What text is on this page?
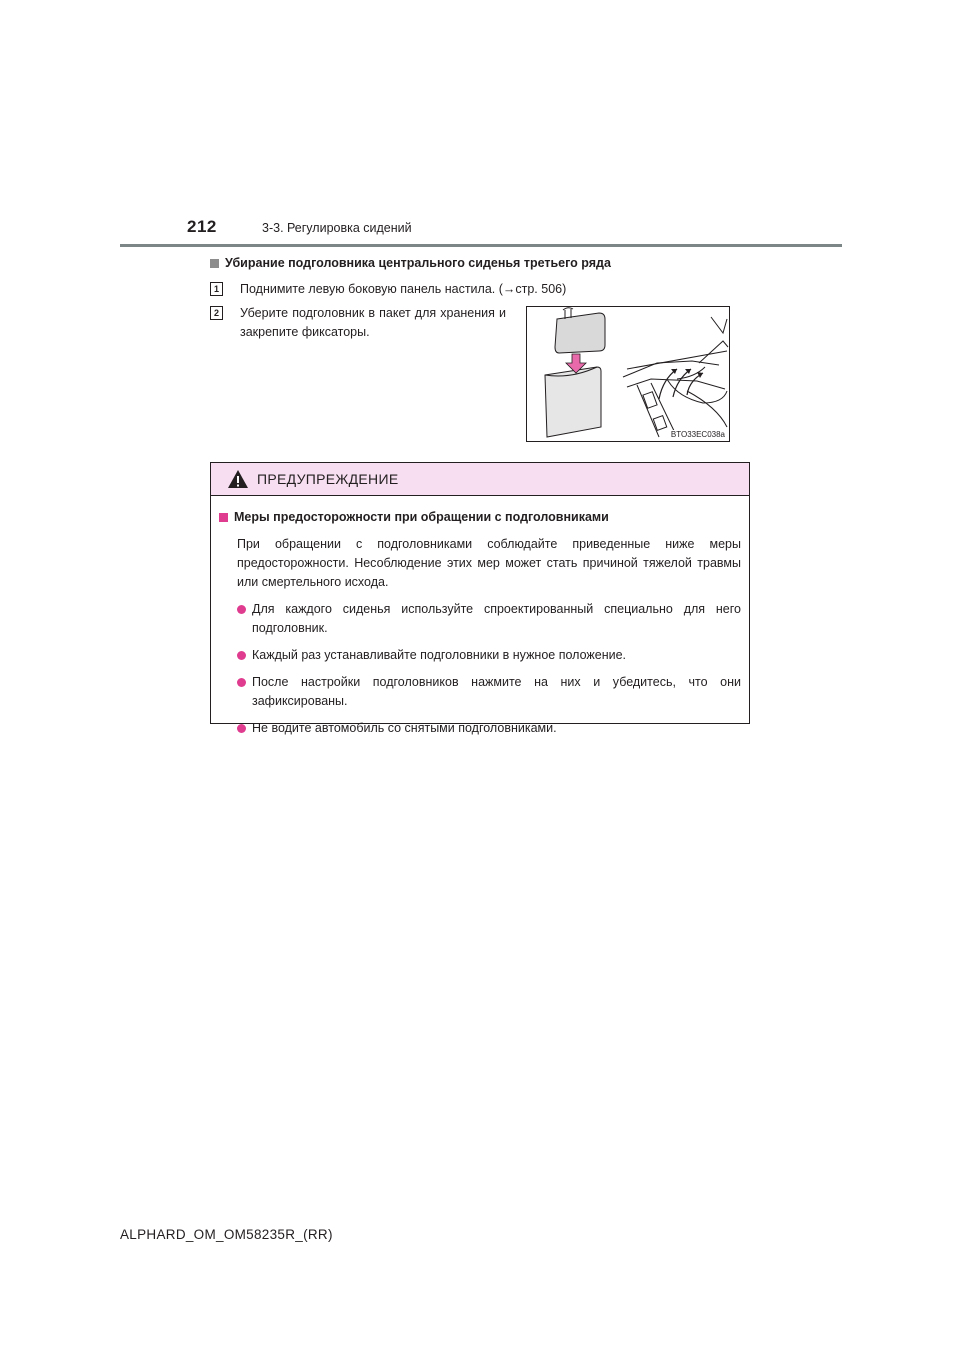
212	3-3. Регулировка сидений
Убирание подголовника центрального сиденья третьего ряда
1	Поднимите левую боковую панель настила. (→стр. 506)
2	Уберите подголовник в пакет для хранения и закрепите фиксаторы.
BTO33EC038a
ПРЕДУПРЕЖДЕНИЕ
Меры предосторожности при обращении с подголовниками
При обращении с подголовниками соблюдайте приведенные ниже меры предосторожности. Несоблюдение этих мер может стать причиной тяжелой травмы или смертельного исхода.
Для каждого сиденья используйте спроектированный специально для него подголовник.
Каждый раз устанавливайте подголовники в нужное положение.
После настройки подголовников нажмите на них и убедитесь, что они зафиксированы.
Не водите автомобиль со снятыми подголовниками.
ALPHARD_OM_OM58235R_(RR)
